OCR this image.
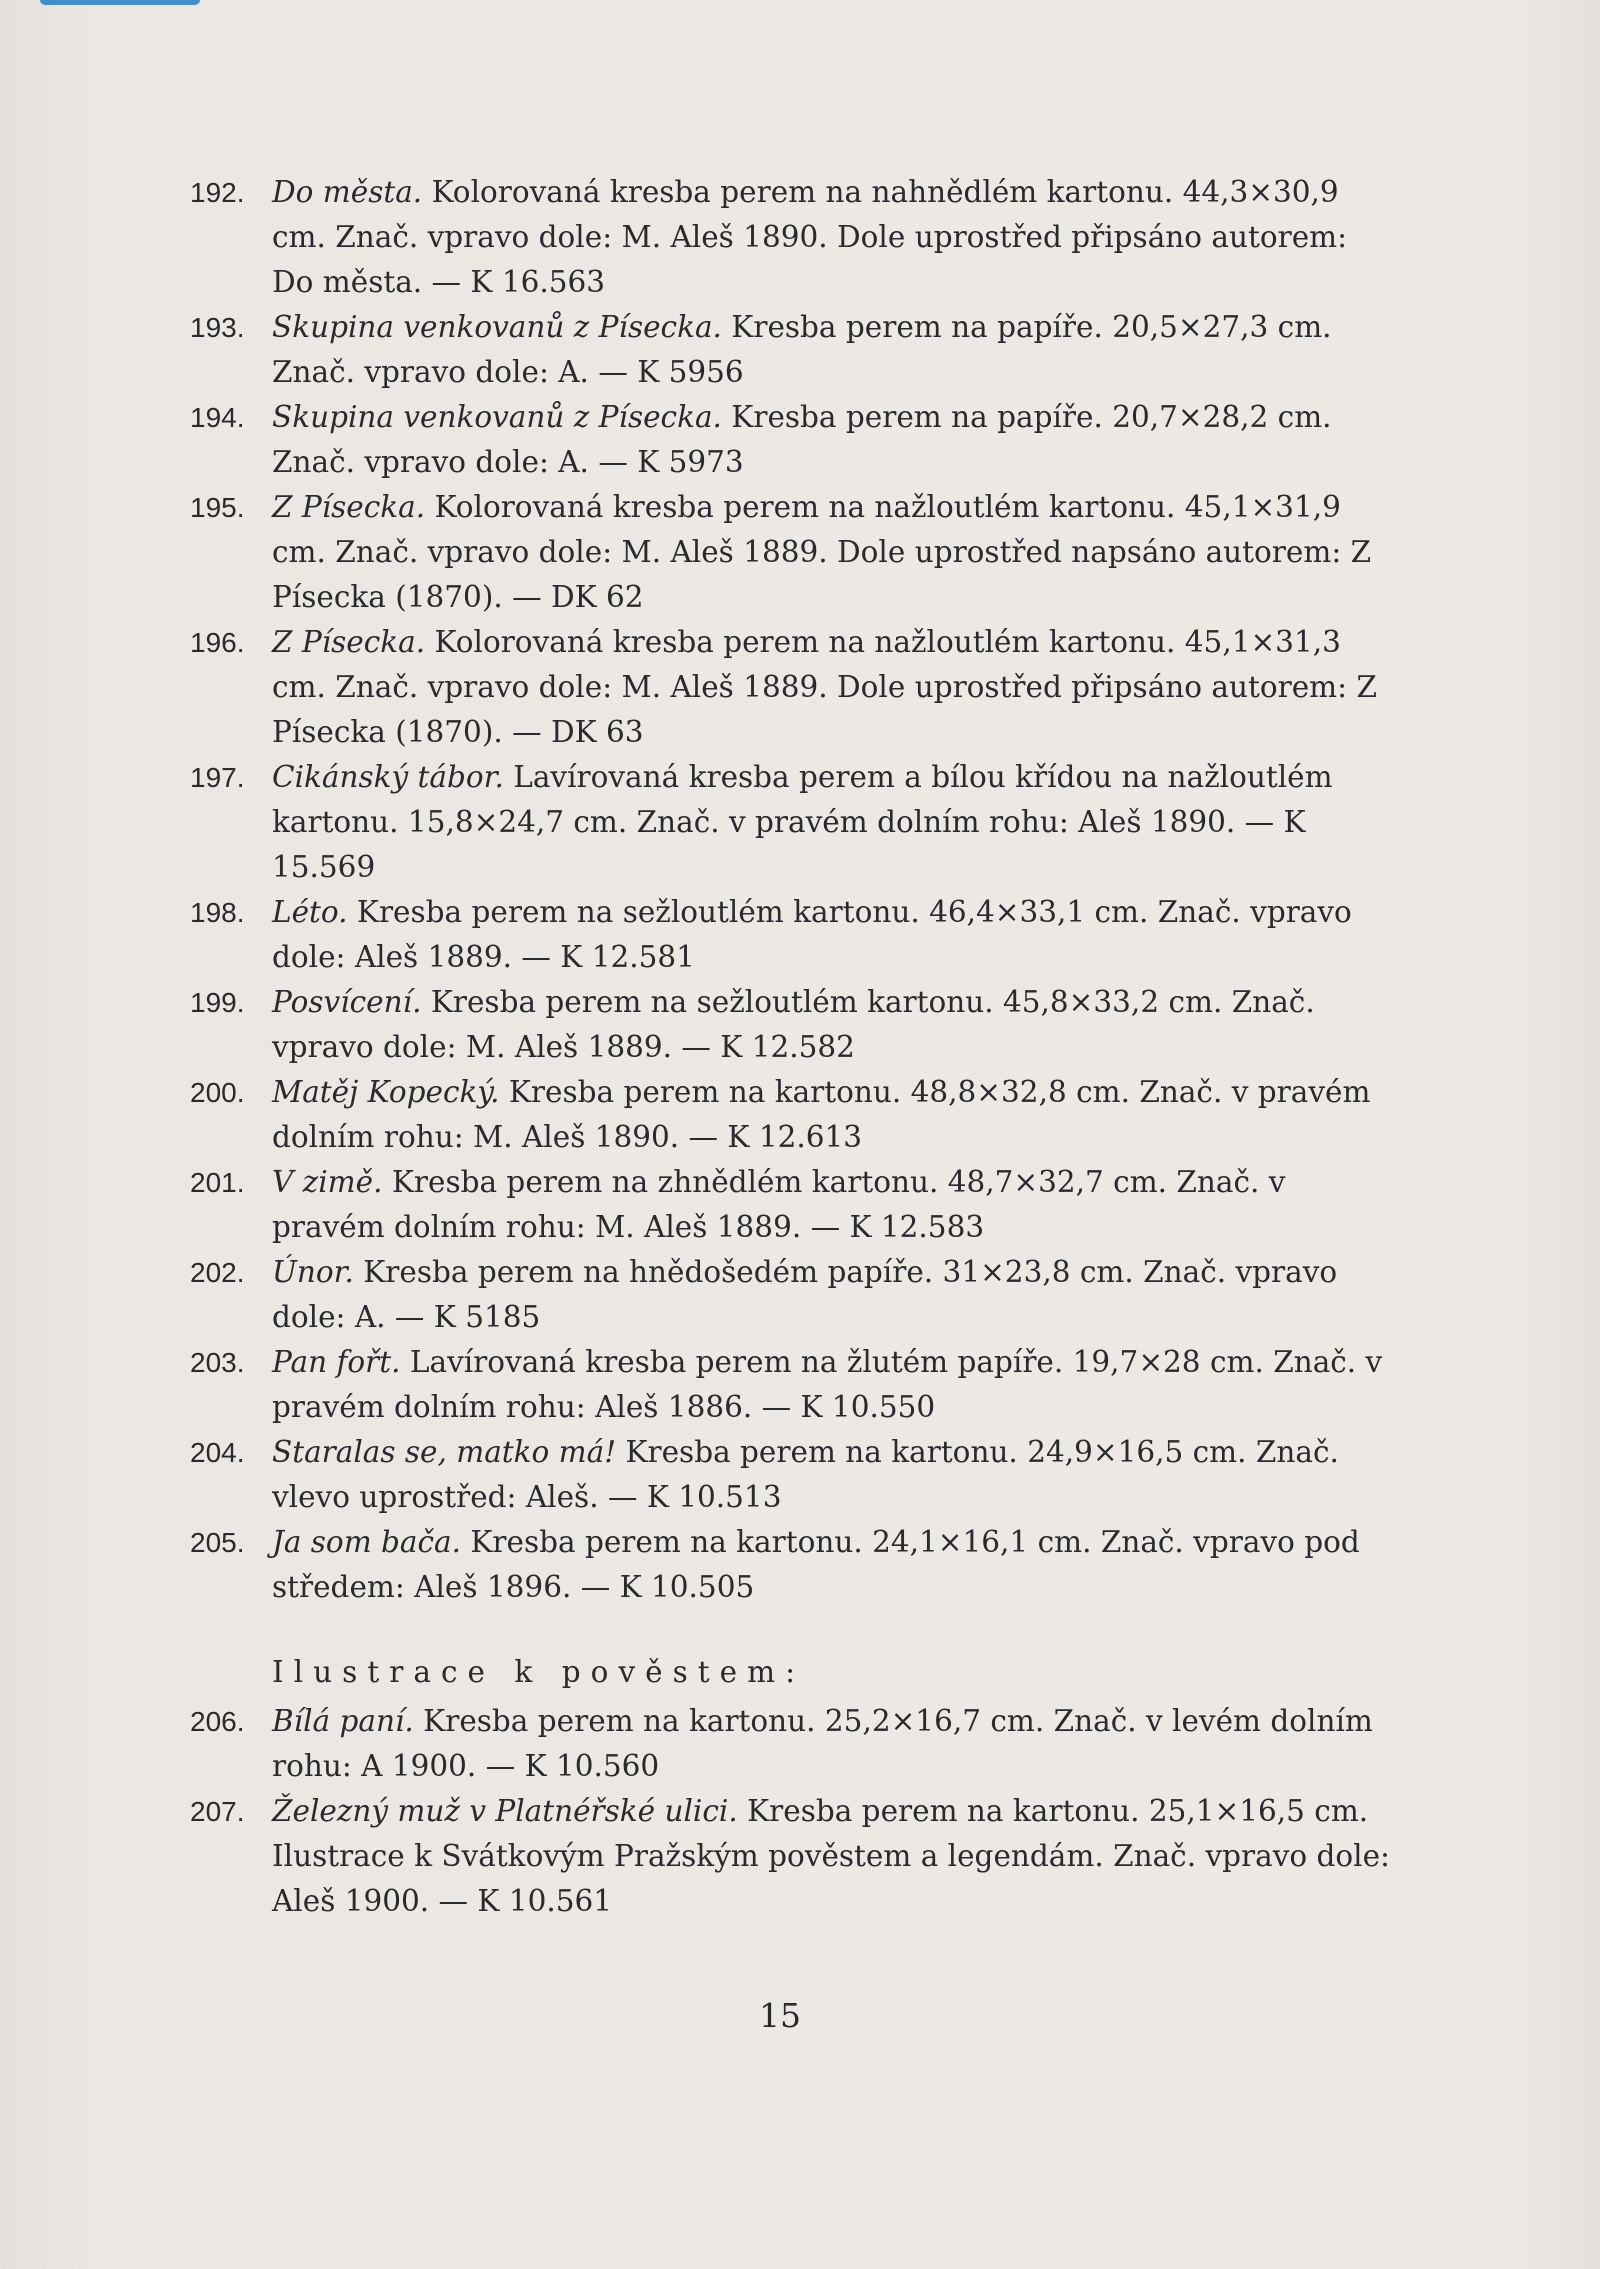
192. Do města. Kolorovaná kresba perem na nahnědlém kartonu. 44,3×30,9 cm. Znač. vpravo dole: M. Aleš 1890. Dole uprostřed připsáno autorem: Do města. — K 16.563
193. Skupina venkovanů z Písecka. Kresba perem na papíře. 20,5×27,3 cm. Znač. vpravo dole: A. — K 5956
194. Skupina venkovanů z Písecka. Kresba perem na papíře. 20,7×28,2 cm. Znač. vpravo dole: A. — K 5973
195. Z Písecka. Kolorovaná kresba perem na nažloutlém kartonu. 45,1×31,9 cm. Znač. vpravo dole: M. Aleš 1889. Dole uprostřed napsáno autorem: Z Písecka (1870). — DK 62
196. Z Písecka. Kolorovaná kresba perem na nažloutlém kartonu. 45,1×31,3 cm. Znač. vpravo dole: M. Aleš 1889. Dole uprostřed připsáno autorem: Z Písecka (1870). — DK 63
197. Cikánský tábor. Lavírovaná kresba perem a bílou křídou na nažloutlém kartonu. 15,8×24,7 cm. Znač. v pravém dolním rohu: Aleš 1890. — K 15.569
198. Léto. Kresba perem na sežloutlém kartonu. 46,4×33,1 cm. Znač. vpravo dole: Aleš 1889. — K 12.581
199. Posvícení. Kresba perem na sežloutlém kartonu. 45,8×33,2 cm. Znač. vpravo dole: M. Aleš 1889. — K 12.582
200. Matěj Kopecký. Kresba perem na kartonu. 48,8×32,8 cm. Znač. v pravém dolním rohu: M. Aleš 1890. — K 12.613
201. V zimě. Kresba perem na zhnědlém kartonu. 48,7×32,7 cm. Znač. v pravém dolním rohu: M. Aleš 1889. — K 12.583
202. Únor. Kresba perem na hnědošedém papíře. 31×23,8 cm. Znač. vpravo dole: A. — K 5185
203. Pan fořt. Lavírovaná kresba perem na žlutém papíře. 19,7×28 cm. Znač. v pravém dolním rohu: Aleš 1886. — K 10.550
204. Staralas se, matko má! Kresba perem na kartonu. 24,9×16,5 cm. Znač. vlevo uprostřed: Aleš. — K 10.513
205. Ja som bača. Kresba perem na kartonu. 24,1×16,1 cm. Znač. vpravo pod středem: Aleš 1896. — K 10.505
Ilustrace k pověstem:
206. Bílá paní. Kresba perem na kartonu. 25,2×16,7 cm. Znač. v levém dolním rohu: A 1900. — K 10.560
207. Železný muž v Platnéřské ulici. Kresba perem na kartonu. 25,1×16,5 cm. Ilustrace k Svátkovým Pražským pověstem a legendám. Znač. vpravo dole: Aleš 1900. — K 10.561
15
